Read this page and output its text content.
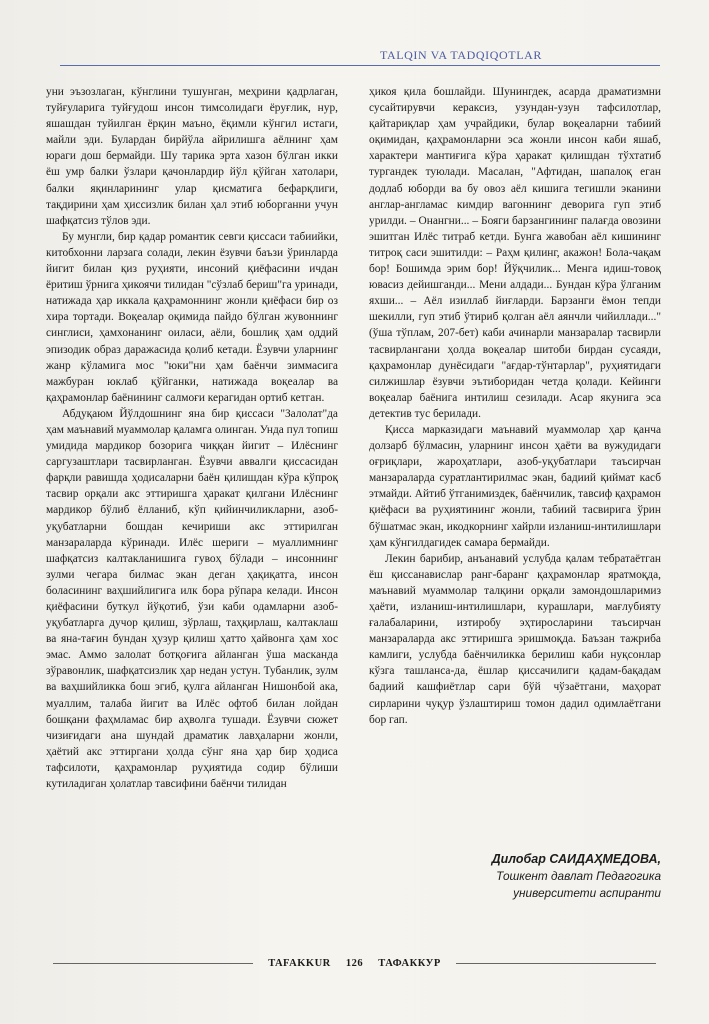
TALQIN VA TADQIQOTLAR

уни эъзозлаган, кўнглини тушунган, меҳрини қадрлаган, туйғуларига туйғудош инсон тимсолидаги ёруғлик, нур, яшашдан туйилган ёрқин маъно, ёқимли кўнгил истаги, майли эди. Булардан бирйўла айрилишга аёлнинг ҳам юраги дош бермайди. Шу тарика эрта хазон бўлган икки ёш умр балки ўзлари қачонлардир йўл қўйган хатолари, балки яқинларининг улар қисматига бефарқлиги, тақдирини ҳам ҳиссизлик билан ҳал этиб юборганни учун шафқатсиз тўлов эди.

Бу мунгли, бир қадар романтик севги қиссаси табиийки, китобхонни ларзага солади, лекин ёзувчи баъзи ўринларда йигит билан қиз руҳияти, инсоний қиёфасини ичдан ёритиш ўрнига ҳикоячи тилидан "сўзлаб бериш"га уринади, натижада ҳар иккала қаҳрамоннинг жонли қиёфаси бир оз хира тортади. Воқеалар оқимида пайдо бўлган жувоннинг синглиси, ҳамхонанинг оиласи, аёли, бошлиқ ҳам оддий эпизодик образ даражасида қолиб кетади. Ёзувчи уларнинг жанр кўламига мос "юки"ни ҳам баёнчи зиммасига мажбуран юклаб қўйганки, натижада воқеалар ва қаҳрамонлар баёнининг салмоғи керагидан ортиб кетган.

Абдуқаюм Йўлдошнинг яна бир қиссаси "Залолат"да ҳам маънавий муаммолар қаламга олинган. Унда пул топиш умидида мардикор бозорига чиққан йигит – Илёснинг саргузаштлари тасвирланган. Ёзувчи аввалги қиссасидан фарқли равишда ҳодисаларни баён қилишдан кўра кўпроқ тасвир орқали акс эттиришга ҳаракат қилгани Илёснинг мардикор бўлиб ёлланиб, кўп қийинчиликларни, азоб-уқубатларни бошдан кечириши акс эттирилган манзараларда кўринади. Илёс шериги – муаллимнинг шафқатсиз калтакланишига гувоҳ бўлади – инсоннинг зулми чегара билмас экан деган ҳақиқатга, инсон боласининг ваҳшийлигига илк бора рўпара келади. Инсон қиёфасини буткул йўқотиб, ўзи каби одамларни азоб-уқубатларга дучор қилиш, зўрлаш, таҳқирлаш, калтаклаш ва яна-тағин бундан ҳузур қилиш ҳатто ҳайвонга ҳам хос эмас. Аммо залолат ботқоғига айланган ўша масканда зўравонлик, шафқатсизлик ҳар недан устун. Тубанлик, зулм ва ваҳшийликка бош эгиб, қулга айланган Нишонбой ака, муаллим, талаба йигит ва Илёс офтоб билан лойдан бошқани фаҳмламас бир аҳволга тушади. Ёзувчи сюжет чизиғидаги ана шундай драматик лавҳаларни жонли, ҳаётий акс эттиргани ҳолда сўнг яна ҳар бир ҳодиса тафсилоти, қаҳрамонлар руҳиятида содир бўлиши кутиладиган ҳолатлар тавсифини баёнчи тилидан

ҳикоя қила бошлайди. Шунингдек, асарда драматизмни сусайтирувчи кераксиз, узундан-узун тафсилотлар, қайтариқлар ҳам учрайдики, булар воқеаларни табиий оқимидан, қаҳрамонларни эса жонли инсон каби яшаб, характери мантиғига кўра ҳаракат қилишдан тўхтатиб тургандек туюлади. Масалан, "Афтидан, шапалоқ еган додлаб юборди ва бу овоз аёл кишига тегишли эканини англар-англамас кимдир вагоннинг деворига гуп этиб урилди. – Онангни... – Бояги барзангининг палағда овозини эшитган Илёс титраб кетди. Бунга жавобан аёл кишининг титроқ саси эшитилди: – Раҳм қилинг, акажон! Бола-чақам бор! Бошимда эрим бор! Йўқчилик... Менга идиш-товоқ ювасиз дейишганди... Мени алдади... Бундан кўра ўлганим яхши... – Аёл изиллаб йиғларди. Барзанги ёмон тепди шекилли, гуп этиб ўтириб қолган аёл аянчли чийиллади..." (ўша тўплам, 207-бет) каби ачинарли манзаралар тасвирли тасвирлангани ҳолда воқеалар шитоби бирдан сусаяди, қаҳрамонлар дунёсидаги "ағдар-тўнтарлар", руҳиятидаги силжишлар ёзувчи эътиборидан четда қолади. Кейинги воқеалар баёнига интилиш сезилади. Асар якунига эса детектив тус берилади.

Қисса марказидаги маънавий муаммолар ҳар қанча долзарб бўлмасин, уларнинг инсон ҳаёти ва вужудидаги оғриқлари, жароҳатлари, азоб-уқубатлари таъсирчан манзараларда суратлантирилмас экан, бадиий қиймат касб этмайди. Айтиб ўтганимиздек, баёнчилик, тавсиф қаҳрамон қиёфаси ва руҳиятининг жонли, табиий тасвирига ўрин бўшатмас экан, икодкорнинг хайрли изланиш-интилишлари ҳам кўнгилдагидек самара бермайди.

Лекин барибир, анъанавий услубда қалам тебратаётган ёш қиссанавислар ранг-баранг қаҳрамонлар яратмоқда, маънавий муаммолар талқини орқали замондошларимиз ҳаёти, изланиш-интилишлари, курашлари, мағлубияту ғалабаларини, изтиробу эҳтиросларини таъсирчан манзараларда акс эттиришга эришмоқда. Баъзан тажриба камлиги, услубда баёнчиликка берилиш каби нуқсонлар кўзга ташланса-да, ёшлар қиссачилиги қадам-бақадам бадиий кашфиётлар сари бўй чўзаётгани, маҳорат сирларини чуқур ўзлаштириш томон дадил одимлаётгани бор гап.

Дилобар САИДАҲМЕДОВА,
Тошкент давлат Педагогика
университети аспиранти
TAFAKKUR 126 ТАФАККУР
